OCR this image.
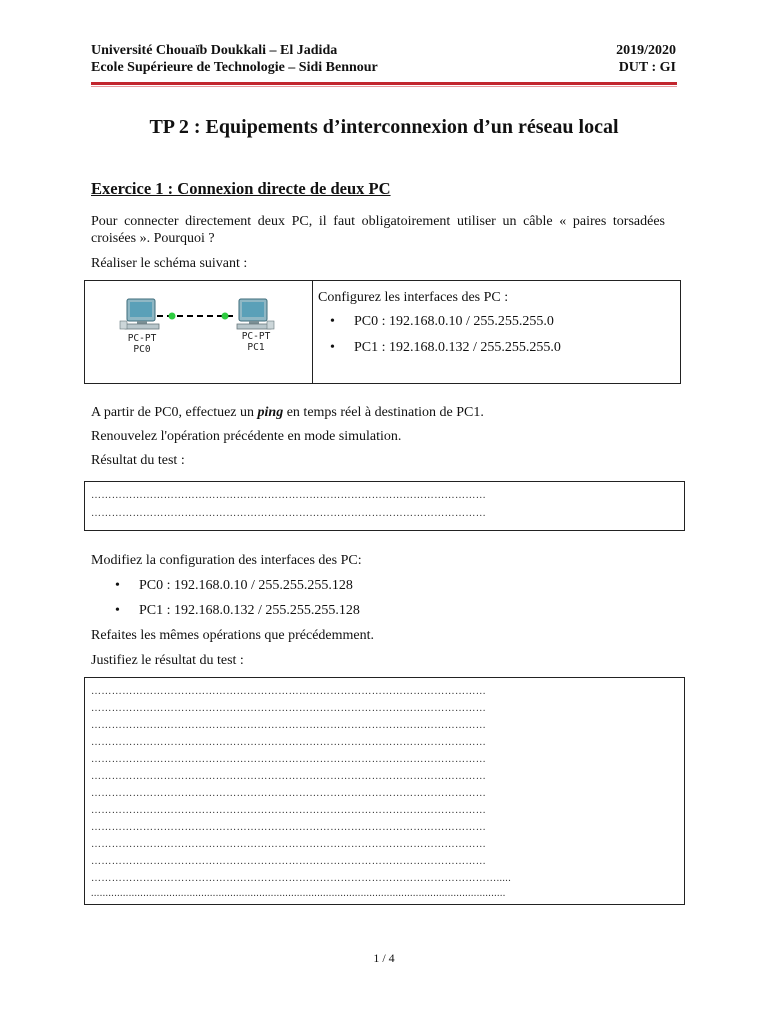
Université Chouaïb Doukkali – El Jadida
Ecole Supérieure de Technologie – Sidi Bennour
2019/2020
DUT : GI
TP 2 : Equipements d’interconnexion d’un réseau local
Exercice 1 : Connexion directe de deux PC
Pour connecter directement deux PC, il faut obligatoirement utiliser un câble « paires torsadées croisées ». Pourquoi ?
Réaliser le schéma suivant :
PC-PT
PC0
PC-PT
PC1
Configurez les interfaces des PC :
• PC0 : 192.168.0.10 / 255.255.255.0
• PC1 : 192.168.0.132 / 255.255.255.0
A partir de PC0, effectuez un ping en temps réel à destination de PC1.
Renouvelez l'opération précédente en mode simulation.
Résultat du test :
……………………………………………………………………………………………………
……………………………………………………………………………………………………
Modifiez la configuration des interfaces des PC:
• PC0 : 192.168.0.10 / 255.255.255.128
• PC1 : 192.168.0.132 / 255.255.255.128
Refaites les mêmes opérations que précédemment.
Justifiez le résultat du test :
……………………………………………………………………………………………………
……………………………………………………………………………………………………
……………………………………………………………………………………………………
……………………………………………………………………………………………………
……………………………………………………………………………………………………
……………………………………………………………………………………………………
……………………………………………………………………………………………………
……………………………………………………………………………………………………
……………………………………………………………………………………………………
……………………………………………………………………………………………………
……………………………………………………………………………………………………
……………………………………………………………………………………………………….....
...............................................................................................................................................
1 / 4
